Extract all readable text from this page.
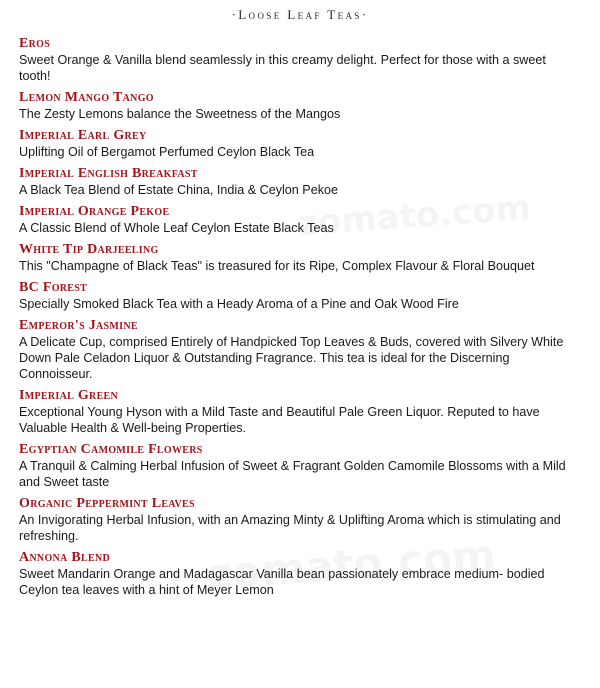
·Loose Leaf Teas·
Eros
Sweet Orange & Vanilla blend seamlessly in this creamy delight. Perfect for those with a sweet tooth!
Lemon Mango Tango
The Zesty Lemons balance the Sweetness of the Mangos
Imperial Earl Grey
Uplifting Oil of Bergamot Perfumed Ceylon Black Tea
Imperial English Breakfast
A Black Tea Blend of Estate China, India & Ceylon Pekoe
Imperial Orange Pekoe
A Classic Blend of Whole Leaf Ceylon Estate Black Teas
White Tip Darjeeling
This "Champagne of Black Teas" is treasured for its Ripe, Complex Flavour & Floral Bouquet
BC Forest
Specially Smoked Black Tea with a Heady Aroma of a Pine and Oak Wood Fire
Emperor's Jasmine
A Delicate Cup, comprised Entirely of Handpicked Top Leaves & Buds, covered with Silvery White Down Pale Celadon Liquor & Outstanding Fragrance. This tea is ideal for the Discerning Connoisseur.
Imperial Green
Exceptional Young Hyson with a Mild Taste and Beautiful Pale Green Liquor. Reputed to have Valuable Health & Well-being Properties.
Egyptian Camomile Flowers
A Tranquil & Calming Herbal Infusion of Sweet & Fragrant Golden Camomile Blossoms with a Mild and Sweet taste
Organic Peppermint Leaves
An Invigorating Herbal Infusion, with an Amazing Minty & Uplifting Aroma which is stimulating and refreshing.
Annona Blend
Sweet Mandarin Orange and Madagascar Vanilla bean passionately embrace medium- bodied Ceylon tea leaves with a hint of Meyer Lemon
